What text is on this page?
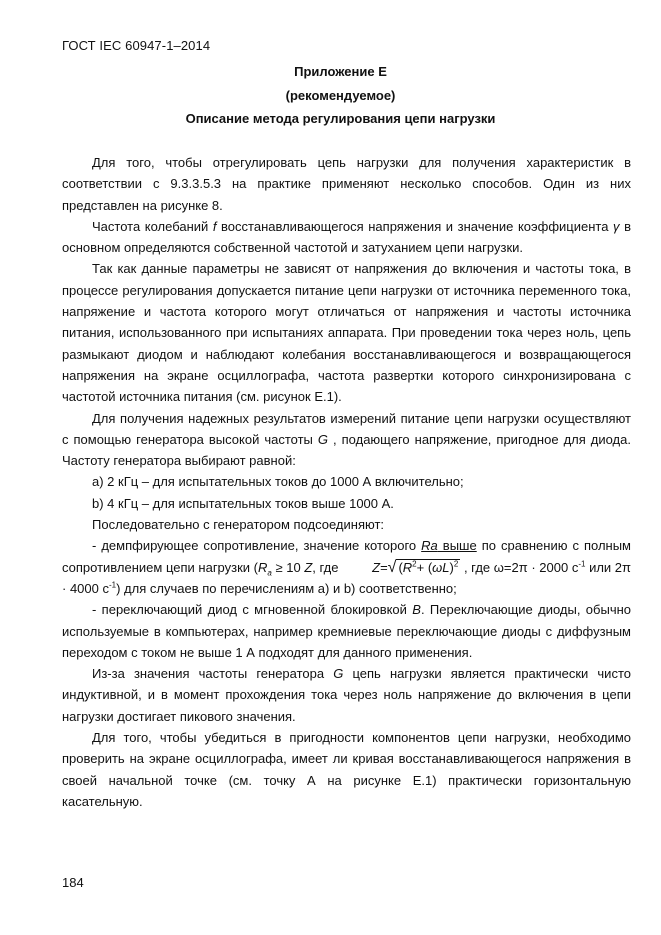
ГОСТ IEC 60947-1–2014
Приложение Е
(рекомендуемое)
Описание метода регулирования цепи нагрузки

Для того, чтобы отрегулировать цепь нагрузки для получения характеристик в соответствии с 9.3.3.5.3 на практике применяют несколько способов. Один из них представлен на рисунке 8.

Частота колебаний f восстанавливающегося напряжения и значение коэффициента γ в основном определяются собственной частотой и затуханием цепи нагрузки.

Так как данные параметры не зависят от напряжения до включения и частоты тока, в процессе регулирования допускается питание цепи нагрузки от источника переменного тока, напряжение и частота которого могут отличаться от напряжения и частоты источника питания, использованного при испытаниях аппарата. При проведении тока через ноль, цепь размыкают диодом и наблюдают колебания восстанавливающегося и возвращающегося напряжения на экране осциллографа, частота развертки которого синхронизирована с частотой источника питания (см. рисунок Е.1).

Для получения надежных результатов измерений питание цепи нагрузки осуществляют с помощью генератора высокой частоты G , подающего напряжение, пригодное для диода. Частоту генератора выбирают равной:

a) 2 кГц – для испытательных токов до 1000 А включительно;

b) 4 кГц – для испытательных токов выше 1000 А.

Последовательно с генератором подсоединяют:

- демпфирующее сопротивление, значение которого Ra выше по сравнению с полным сопротивлением цепи нагрузки ($R_a \ge 10$ Z, где Z=√ ($R^2+ (\omega L)^2$ , где ω=2π · 2000 $с^{-1}$ или 2π · 4000 $с^{-1}$) для случаев по перечислениям a) и b) соответственно;

- переключающий диод с мгновенной блокировкой В. Переключающие диоды, обычно используемые в компьютерах, например кремниевые переключающие диоды с диффузным переходом с током не выше 1 А подходят для данного применения.

Из-за значения частоты генератора G цепь нагрузки является практически чисто индуктивной, и в момент прохождения тока через ноль напряжение до включения в цепи нагрузки достигает пикового значения.

Для того, чтобы убедиться в пригодности компонентов цепи нагрузки, необходимо проверить на экране осциллографа, имеет ли кривая восстанавливающегося напряжения в своей начальной точке (см. точку А на рисунке Е.1) практически горизонтальную касательную.

184
